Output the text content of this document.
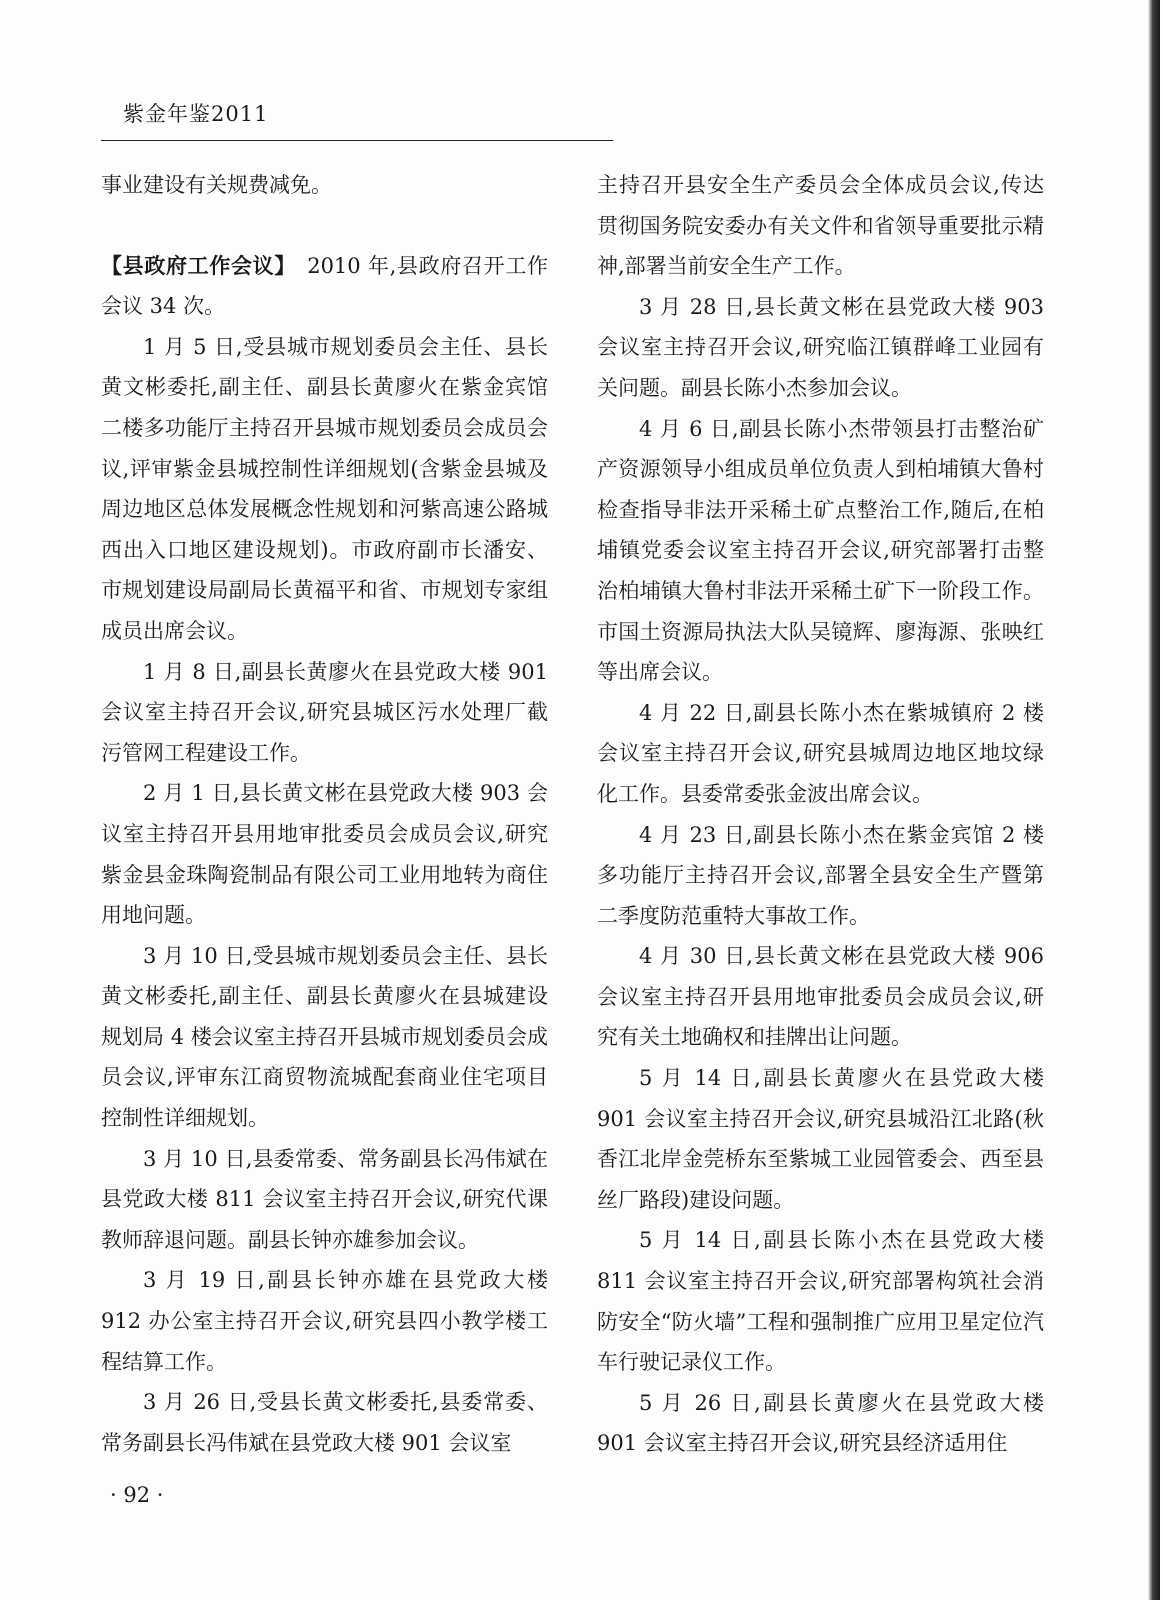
紫金年鉴2011

事业建设有关规费减免。

【县政府工作会议】　 2010 年,县政府召开工作会议 34 次。

1 月 5 日,受县城市规划委员会主任、县长黄文彬委托,副主任、副县长黄廖火在紫金宾馆二楼多功能厅主持召开县城市规划委员会成员会议,评审紫金县城控制性详细规划(含紫金县城及周边地区总体发展概念性规划和河紫高速公路城西出入口地区建设规划)。市政府副市长潘安、市规划建设局副局长黄福平和省、市规划专家组成员出席会议。

1 月 8 日,副县长黄廖火在县党政大楼 901 会议室主持召开会议,研究县城区污水处理厂截污管网工程建设工作。

2 月 1 日,县长黄文彬在县党政大楼 903 会议室主持召开县用地审批委员会成员会议,研究紫金县金珠陶瓷制品有限公司工业用地转为商住用地问题。

3 月 10 日,受县城市规划委员会主任、县长黄文彬委托,副主任、副县长黄廖火在县城建设规划局 4 楼会议室主持召开县城市规划委员会成员会议,评审东江商贸物流城配套商业住宅项目控制性详细规划。

3 月 10 日,县委常委、常务副县长冯伟斌在县党政大楼 811 会议室主持召开会议,研究代课教师辞退问题。副县长钟亦雄参加会议。

3 月 19 日,副县长钟亦雄在县党政大楼 912 办公室主持召开会议,研究县四小教学楼工程结算工作。

3 月 26 日,受县长黄文彬委托,县委常委、常务副县长冯伟斌在县党政大楼 901 会议室

主持召开县安全生产委员会全体成员会议,传达贯彻国务院安委办有关文件和省领导重要批示精神,部署当前安全生产工作。

3 月 28 日,县长黄文彬在县党政大楼 903 会议室主持召开会议,研究临江镇群峰工业园有关问题。副县长陈小杰参加会议。

4 月 6 日,副县长陈小杰带领县打击整治矿产资源领导小组成员单位负责人到柏埔镇大鲁村检查指导非法开采稀土矿点整治工作,随后,在柏埔镇党委会议室主持召开会议,研究部署打击整治柏埔镇大鲁村非法开采稀土矿下一阶段工作。市国土资源局执法大队吴镜辉、廖海源、张映红等出席会议。

4 月 22 日,副县长陈小杰在紫城镇府 2 楼会议室主持召开会议,研究县城周边地区地坟绿化工作。县委常委张金波出席会议。

4 月 23 日,副县长陈小杰在紫金宾馆 2 楼多功能厅主持召开会议,部署全县安全生产暨第二季度防范重特大事故工作。

4 月 30 日,县长黄文彬在县党政大楼 906 会议室主持召开县用地审批委员会成员会议,研究有关土地确权和挂牌出让问题。

5 月 14 日,副县长黄廖火在县党政大楼 901 会议室主持召开会议,研究县城沿江北路(秋香江北岸金莞桥东至紫城工业园管委会、西至县丝厂路段)建设问题。

5 月 14 日,副县长陈小杰在县党政大楼 811 会议室主持召开会议,研究部署构筑社会消防安全“防火墙”工程和强制推广应用卫星定位汽车行驶记录仪工作。

5 月 26 日,副县长黄廖火在县党政大楼 901 会议室主持召开会议,研究县经济适用住

· 92 ·
